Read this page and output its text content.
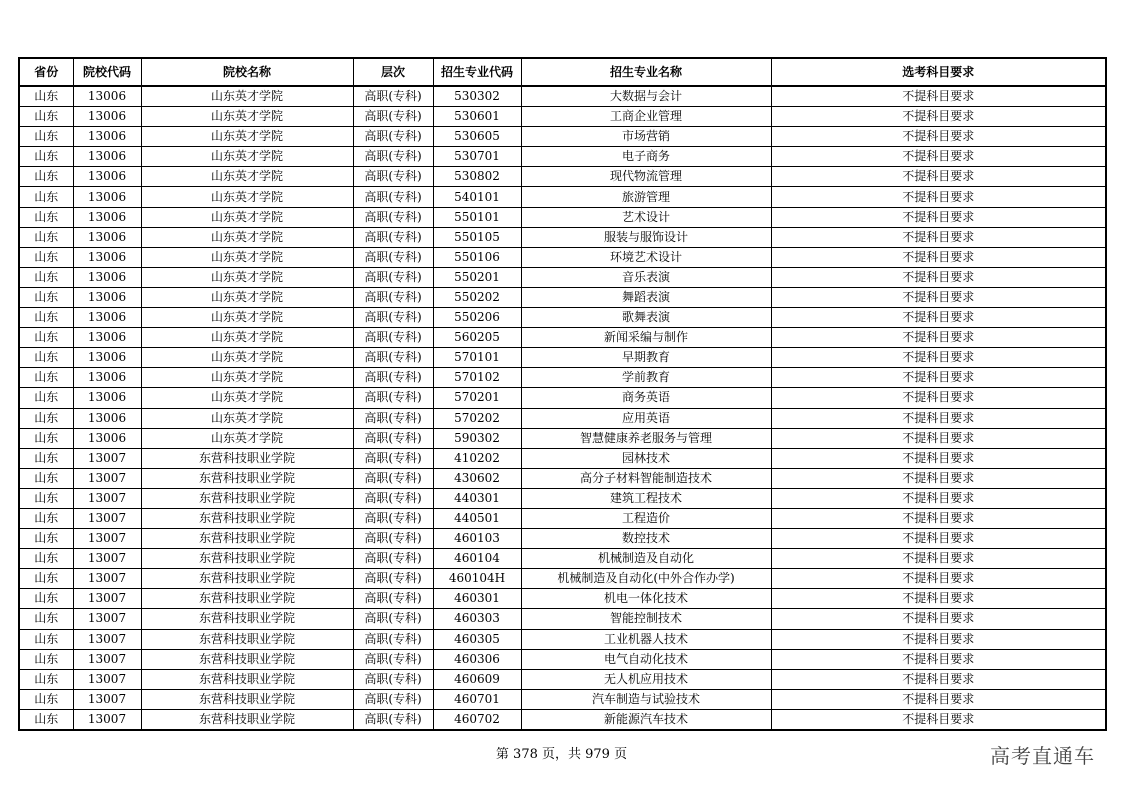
省份	院校代码	院校名称	层次	招生专业代码	招生专业名称	选考科目要求
山东	13006	山东英才学院	高职(专科)	530302	大数据与会计	不提科目要求
山东	13006	山东英才学院	高职(专科)	530601	工商企业管理	不提科目要求
山东	13006	山东英才学院	高职(专科)	530605	市场营销	不提科目要求
山东	13006	山东英才学院	高职(专科)	530701	电子商务	不提科目要求
山东	13006	山东英才学院	高职(专科)	530802	现代物流管理	不提科目要求
山东	13006	山东英才学院	高职(专科)	540101	旅游管理	不提科目要求
山东	13006	山东英才学院	高职(专科)	550101	艺术设计	不提科目要求
山东	13006	山东英才学院	高职(专科)	550105	服装与服饰设计	不提科目要求
山东	13006	山东英才学院	高职(专科)	550106	环境艺术设计	不提科目要求
山东	13006	山东英才学院	高职(专科)	550201	音乐表演	不提科目要求
山东	13006	山东英才学院	高职(专科)	550202	舞蹈表演	不提科目要求
山东	13006	山东英才学院	高职(专科)	550206	歌舞表演	不提科目要求
山东	13006	山东英才学院	高职(专科)	560205	新闻采编与制作	不提科目要求
山东	13006	山东英才学院	高职(专科)	570101	早期教育	不提科目要求
山东	13006	山东英才学院	高职(专科)	570102	学前教育	不提科目要求
山东	13006	山东英才学院	高职(专科)	570201	商务英语	不提科目要求
山东	13006	山东英才学院	高职(专科)	570202	应用英语	不提科目要求
山东	13006	山东英才学院	高职(专科)	590302	智慧健康养老服务与管理	不提科目要求
山东	13007	东营科技职业学院	高职(专科)	410202	园林技术	不提科目要求
山东	13007	东营科技职业学院	高职(专科)	430602	高分子材料智能制造技术	不提科目要求
山东	13007	东营科技职业学院	高职(专科)	440301	建筑工程技术	不提科目要求
山东	13007	东营科技职业学院	高职(专科)	440501	工程造价	不提科目要求
山东	13007	东营科技职业学院	高职(专科)	460103	数控技术	不提科目要求
山东	13007	东营科技职业学院	高职(专科)	460104	机械制造及自动化	不提科目要求
山东	13007	东营科技职业学院	高职(专科)	460104H	机械制造及自动化(中外合作办学)	不提科目要求
山东	13007	东营科技职业学院	高职(专科)	460301	机电一体化技术	不提科目要求
山东	13007	东营科技职业学院	高职(专科)	460303	智能控制技术	不提科目要求
山东	13007	东营科技职业学院	高职(专科)	460305	工业机器人技术	不提科目要求
山东	13007	东营科技职业学院	高职(专科)	460306	电气自动化技术	不提科目要求
山东	13007	东营科技职业学院	高职(专科)	460609	无人机应用技术	不提科目要求
山东	13007	东营科技职业学院	高职(专科)	460701	汽车制造与试验技术	不提科目要求
山东	13007	东营科技职业学院	高职(专科)	460702	新能源汽车技术	不提科目要求
第 378 页，共 979 页	高考直通车
